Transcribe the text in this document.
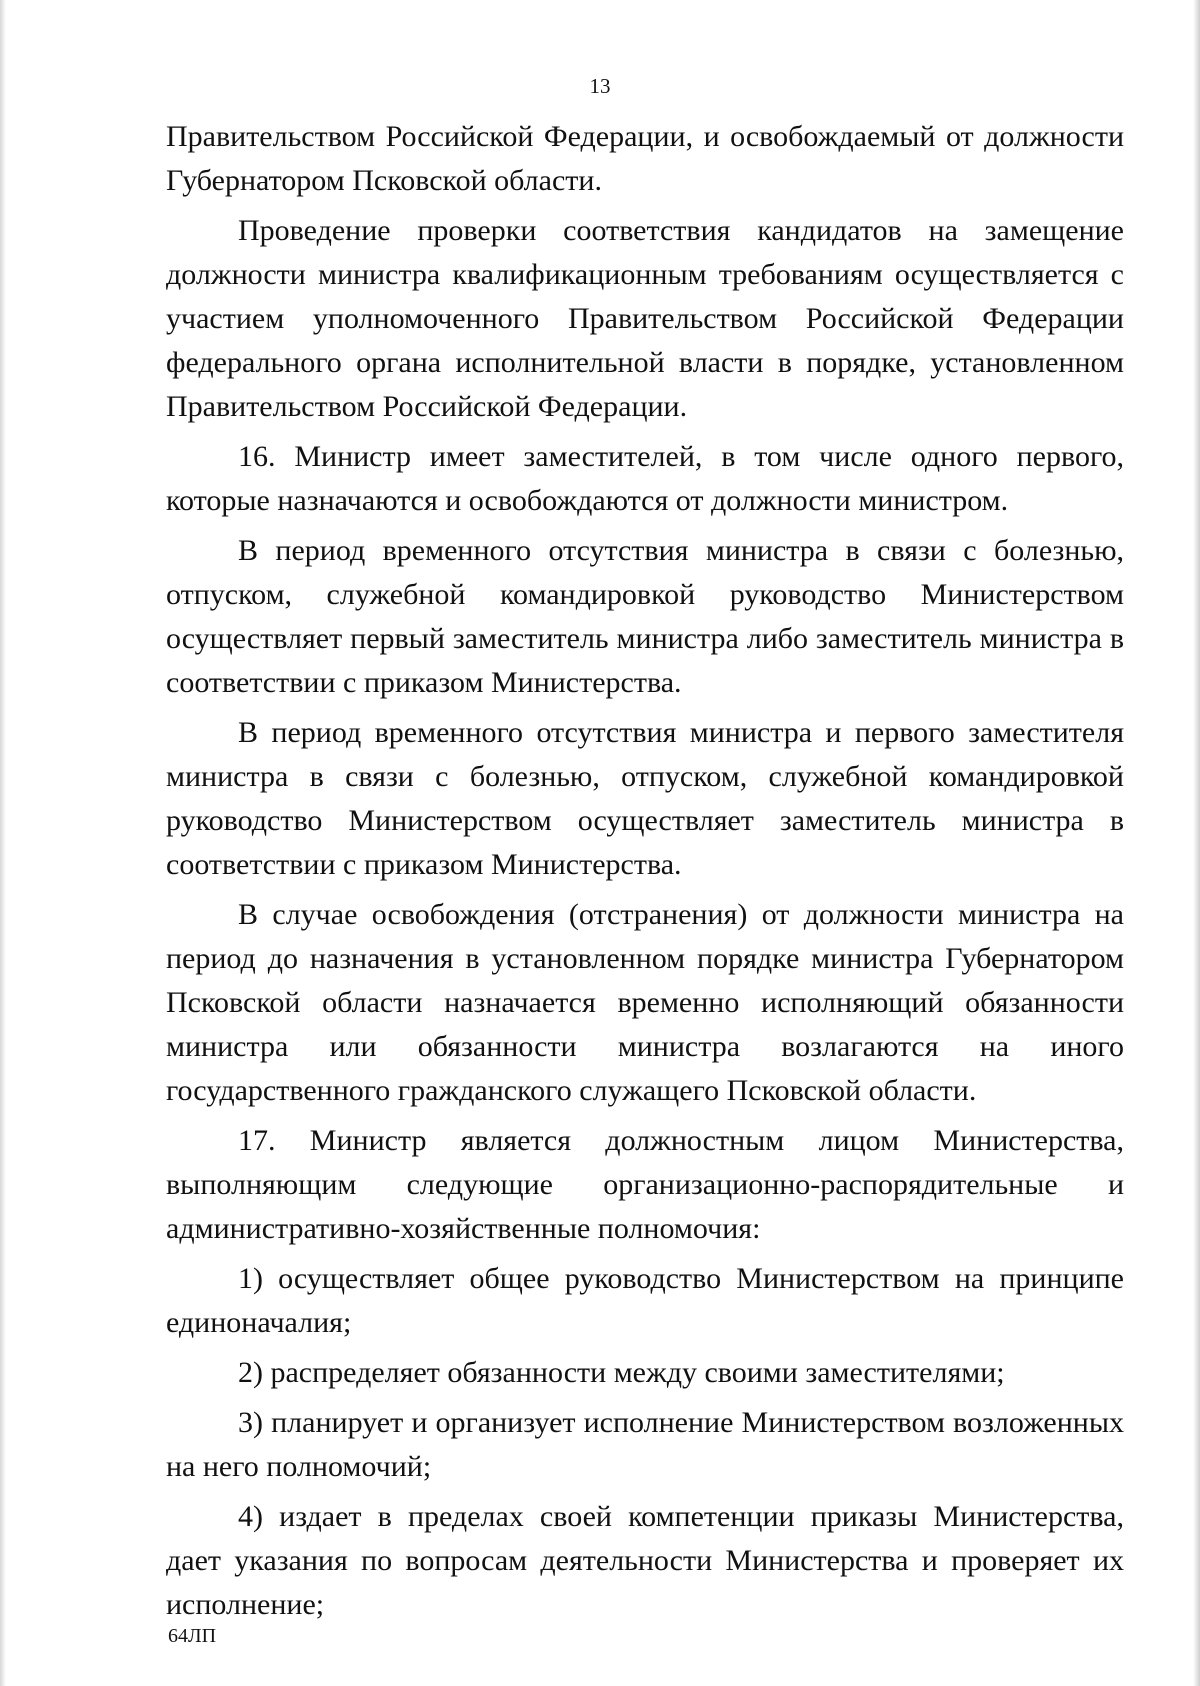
13

Правительством Российской Федерации, и освобождаемый от должности Губернатором Псковской области.

Проведение проверки соответствия кандидатов на замещение должности министра квалификационным требованиям осуществляется с участием уполномоченного Правительством Российской Федерации федерального органа исполнительной власти в порядке, установленном Правительством Российской Федерации.

16. Министр имеет заместителей, в том числе одного первого, которые назначаются и освобождаются от должности министром.

В период временного отсутствия министра в связи с болезнью, отпуском, служебной командировкой руководство Министерством осуществляет первый заместитель министра либо заместитель министра в соответствии с приказом Министерства.

В период временного отсутствия министра и первого заместителя министра в связи с болезнью, отпуском, служебной командировкой руководство Министерством осуществляет заместитель министра в соответствии с приказом Министерства.

В случае освобождения (отстранения) от должности министра на период до назначения в установленном порядке министра Губернатором Псковской области назначается временно исполняющий обязанности министра или обязанности министра возлагаются на иного государственного гражданского служащего Псковской области.

17. Министр является должностным лицом Министерства, выполняющим следующие организационно-распорядительные и административно-хозяйственные полномочия:

1) осуществляет общее руководство Министерством на принципе единоначалия;

2) распределяет обязанности между своими заместителями;

3) планирует и организует исполнение Министерством возложенных на него полномочий;

4) издает в пределах своей компетенции приказы Министерства, дает указания по вопросам деятельности Министерства и проверяет их исполнение;

64ЛП
